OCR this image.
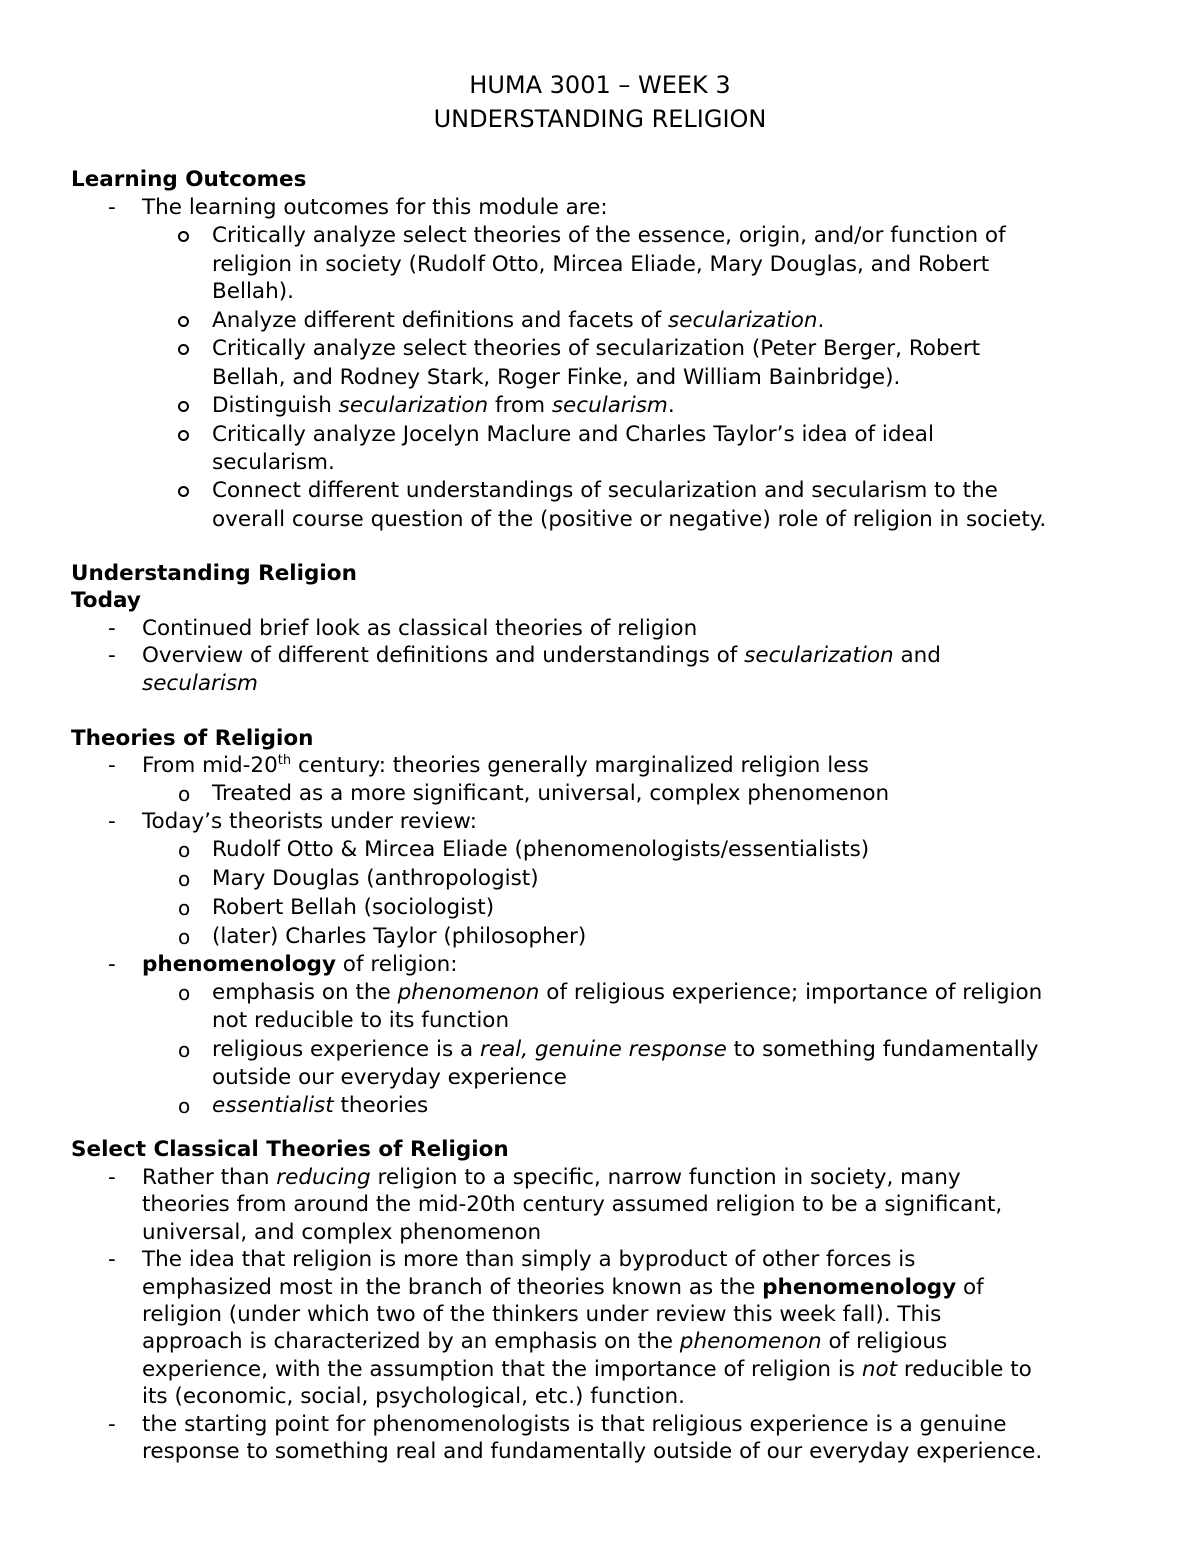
HUMA 3001 – WEEK 3
UNDERSTANDING RELIGION
Learning Outcomes
- The learning outcomes for this module are:
Critically analyze select theories of the essence, origin, and/or function of
religion in society (Rudolf Otto, Mircea Eliade, Mary Douglas, and Robert
Bellah).
Analyze different definitions and facets of secularization.
Critically analyze select theories of secularization (Peter Berger, Robert
Bellah, and Rodney Stark, Roger Finke, and William Bainbridge).
Distinguish secularization from secularism.
Critically analyze Jocelyn Maclure and Charles Taylor’s idea of ideal
secularism.
Connect different understandings of secularization and secularism to the
overall course question of the (positive or negative) role of religion in society.
Understanding Religion
Today
- Continued brief look as classical theories of religion
- Overview of different definitions and understandings of secularization and
secularism
Theories of Religion
- From mid-20th century: theories generally marginalized religion less
o Treated as a more significant, universal, complex phenomenon
- Today’s theorists under review:
o Rudolf Otto & Mircea Eliade (phenomenologists/essentialists)
o Mary Douglas (anthropologist)
o Robert Bellah (sociologist)
o (later) Charles Taylor (philosopher)
- phenomenology of religion:
o emphasis on the phenomenon of religious experience; importance of religion
not reducible to its function
o religious experience is a real, genuine response to something fundamentally
outside our everyday experience
o essentialist theories
Select Classical Theories of Religion
- Rather than reducing religion to a specific, narrow function in society, many
theories from around the mid-20th century assumed religion to be a significant,
universal, and complex phenomenon
- The idea that religion is more than simply a byproduct of other forces is
emphasized most in the branch of theories known as the phenomenology of
religion (under which two of the thinkers under review this week fall). This
approach is characterized by an emphasis on the phenomenon of religious
experience, with the assumption that the importance of religion is not reducible to
its (economic, social, psychological, etc.) function.
- the starting point for phenomenologists is that religious experience is a genuine
response to something real and fundamentally outside of our everyday experience.
